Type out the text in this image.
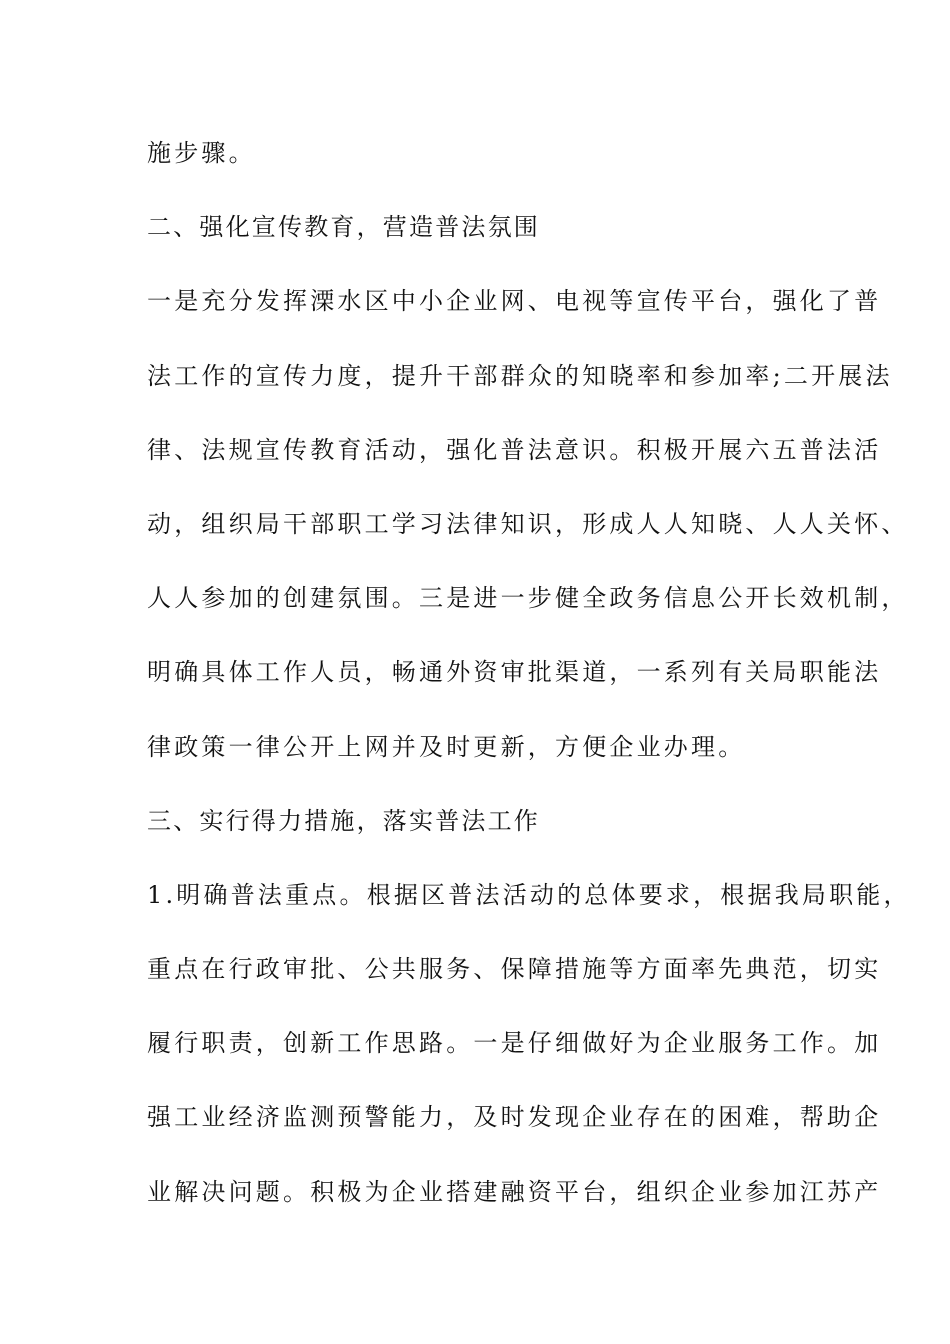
施步骤。
二、强化宣传教育，营造普法氛围
一是充分发挥溧水区中小企业网、电视等宣传平台，强化了普
法工作的宣传力度，提升干部群众的知晓率和参加率;二开展法
律、法规宣传教育活动，强化普法意识。积极开展六五普法活
动，组织局干部职工学习法律知识，形成人人知晓、人人关怀、
人人参加的创建氛围。三是进一步健全政务信息公开长效机制，
明确具体工作人员，畅通外资审批渠道，一系列有关局职能法
律政策一律公开上网并及时更新，方便企业办理。
三、实行得力措施，落实普法工作
1.明确普法重点。根据区普法活动的总体要求，根据我局职能，
重点在行政审批、公共服务、保障措施等方面率先典范，切实
履行职责，创新工作思路。一是仔细做好为企业服务工作。加
强工业经济监测预警能力，及时发现企业存在的困难，帮助企
业解决问题。积极为企业搭建融资平台，组织企业参加江苏产
